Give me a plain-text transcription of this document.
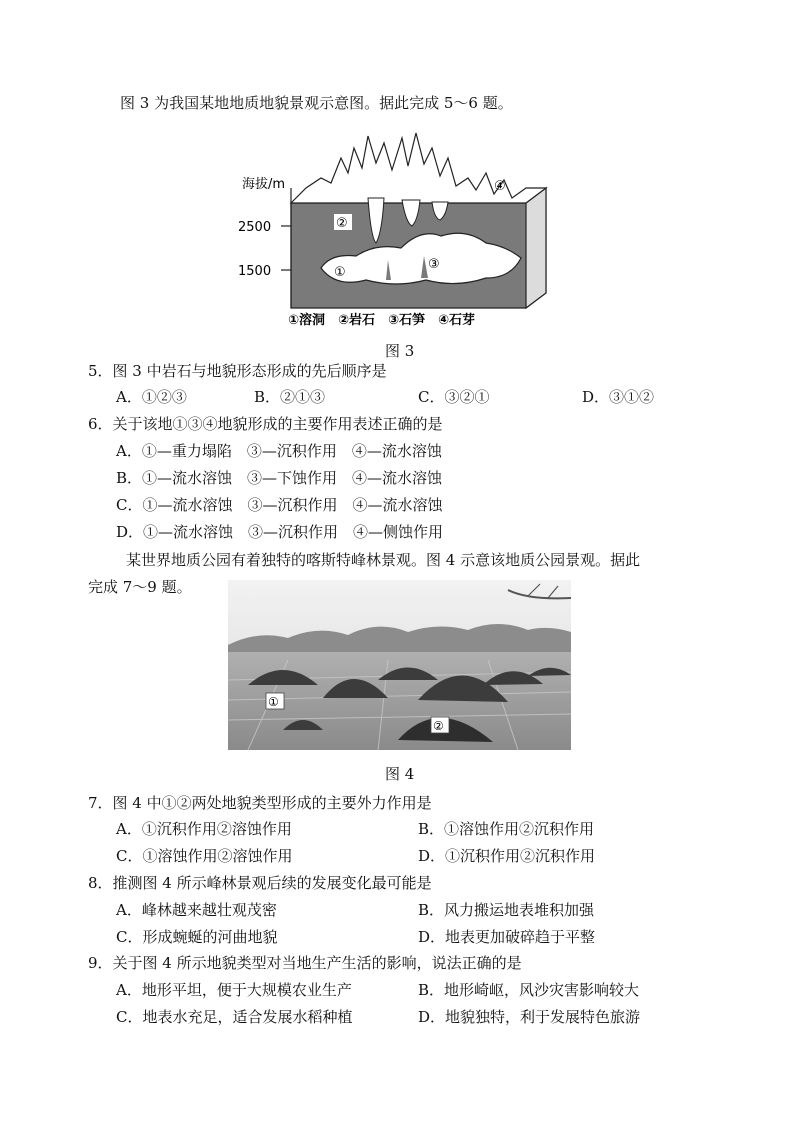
图 3 为我国某地地质地貌景观示意图。据此完成 5～6 题。
海拔/m
2500
1500
②
①
③
④
①溶洞　②岩石　③石笋　④石芽
图 3
5．图 3 中岩石与地貌形态形成的先后顺序是
A．①②③	B．②①③	C．③②①	D．③①②
6．关于该地①③④地貌形成的主要作用表述正确的是
A．①—重力塌陷　③—沉积作用　④—流水溶蚀
B．①—流水溶蚀　③—下蚀作用　④—流水溶蚀
C．①—流水溶蚀　③—沉积作用　④—流水溶蚀
D．①—流水溶蚀　③—沉积作用　④—侧蚀作用
某世界地质公园有着独特的喀斯特峰林景观。图 4 示意该地质公园景观。据此
完成 7～9 题。
①
②
图 4
7．图 4 中①②两处地貌类型形成的主要外力作用是
A．①沉积作用②溶蚀作用	B．①溶蚀作用②沉积作用
C．①溶蚀作用②溶蚀作用	D．①沉积作用②沉积作用
8．推测图 4 所示峰林景观后续的发展变化最可能是
A．峰林越来越壮观茂密	B．风力搬运地表堆积加强
C．形成蜿蜒的河曲地貌	D．地表更加破碎趋于平整
9．关于图 4 所示地貌类型对当地生产生活的影响，说法正确的是
A．地形平坦，便于大规模农业生产	B．地形崎岖，风沙灾害影响较大
C．地表水充足，适合发展水稻种植	D．地貌独特，利于发展特色旅游
